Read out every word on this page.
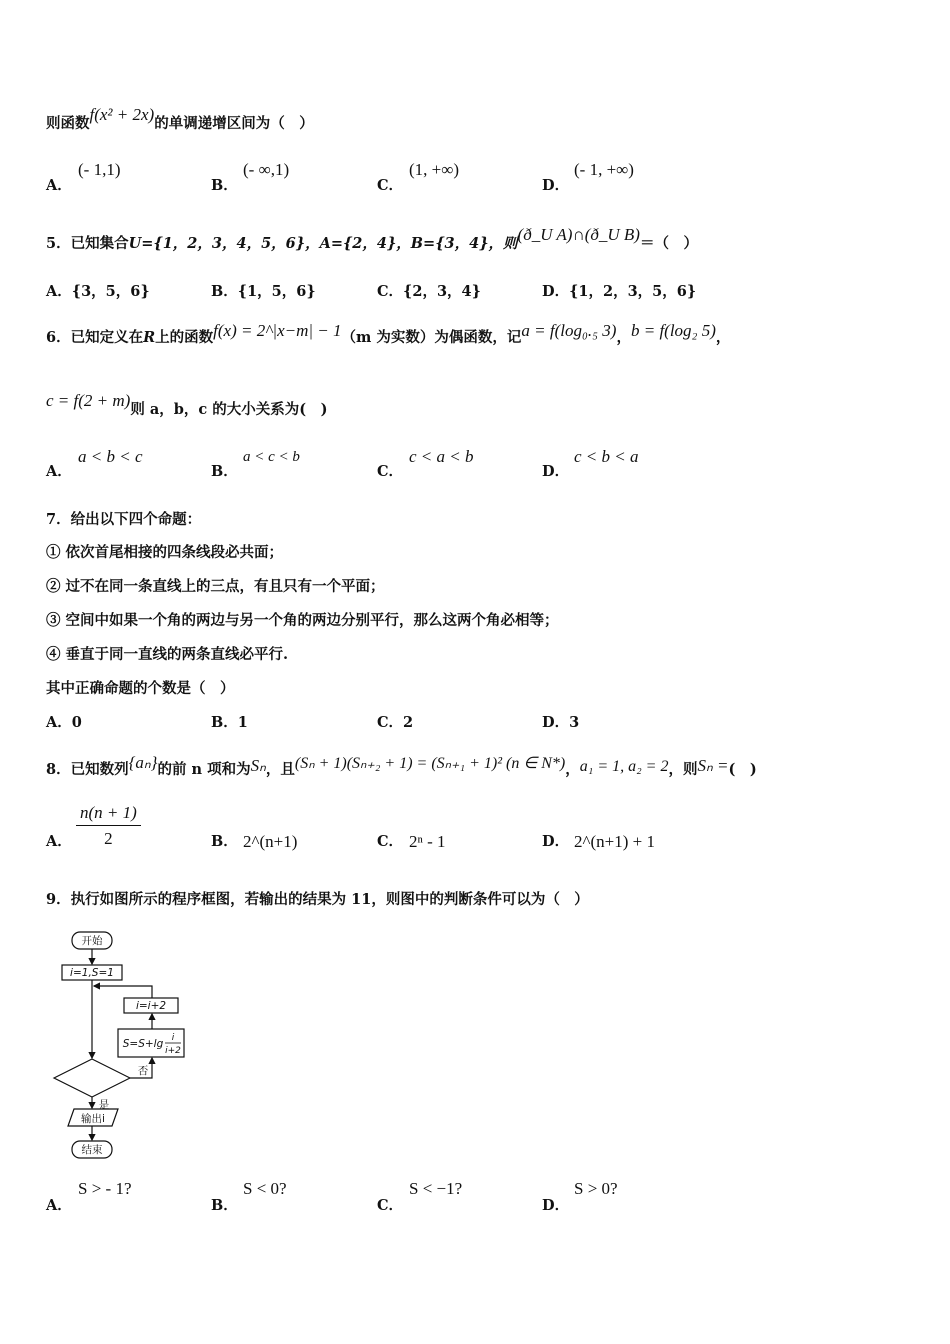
则函数f(x² + 2x)的单调递增区间为（　）
A．
(- 1,1)
B．
(- ∞,1)
C．
(1, +∞)
D．
(- 1, +∞)
5．已知集合U={1，2，3，4，5，6}，A={2，4}，B={3，4}，则(ð_U A)∩(ð_U B)＝（　）
A．{3，5，6}	B．{1，5，6}	C．{2，3，4}	D．{1，2，3，5，6}
6．已知定义在R上的函数f(x) = 2^|x−m| − 1（m 为实数）为偶函数，记a = f(log₀.₅ 3)，b = f(log₂ 5)，
c = f(2 + m)则 a，b，c 的大小关系为(　)
A．
a < b < c
B．
a < c < b
C．
c < a < b
D．
c < b < a
7．给出以下四个命题：
① 依次首尾相接的四条线段必共面；
② 过不在同一条直线上的三点，有且只有一个平面；
③ 空间中如果一个角的两边与另一个角的两边分别平行，那么这两个角必相等；
④ 垂直于同一直线的两条直线必平行.
其中正确命题的个数是（　）
A．0	B．1	C．2	D．3
8．已知数列{aₙ}的前 n 项和为Sₙ，且(Sₙ + 1)(Sₙ₊₂ + 1) = (Sₙ₊₁ + 1)² (n ∈ N*)，a₁ = 1, a₂ = 2，则Sₙ =(　)
A． $\frac{n(n + 1)}{2}$	B． 2^(n+1)	C． 2ⁿ - 1	D． 2^(n+1) + 1
9．执行如图所示的程序框图，若输出的结果为 11，则图中的判断条件可以为（　）
开始
i=1,S=1
i=i+2
S=S+lg i
i+2
否
是
输出i
结束
A．
S > - 1?
B．
S < 0?
C．
S < −1?
D．
S > 0?
